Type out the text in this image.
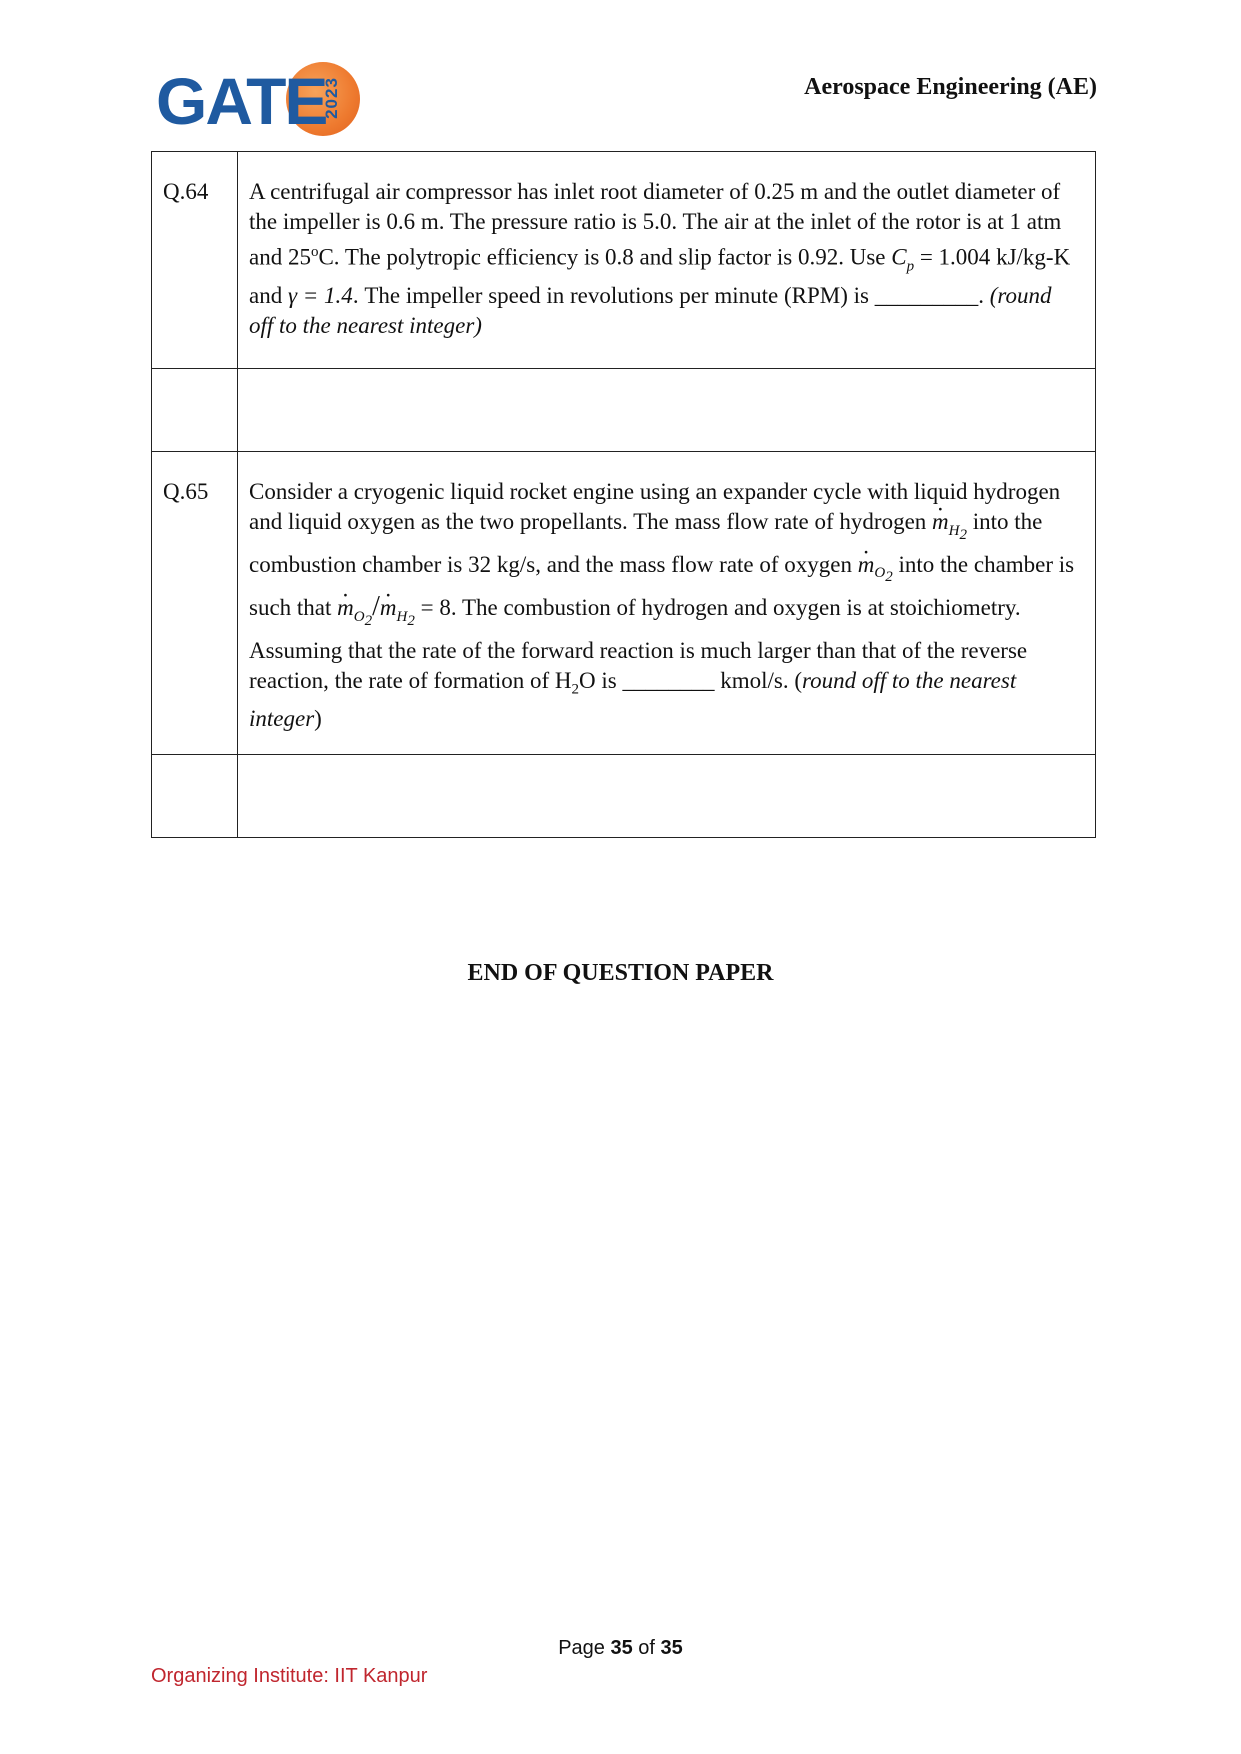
GATE
2023	Aerospace Engineering (AE)
Q.64	A centrifugal air compressor has inlet root diameter of 0.25 m and the outlet diameter of the impeller is 0.6 m. The pressure ratio is 5.0. The air at the inlet of the rotor is at 1 atm and 25$^o$C. The polytropic efficiency is 0.8 and slip factor is 0.92. Use $C_p = 1.004$ kJ/kg-K and γ = 1.4. The impeller speed in revolutions per minute (RPM) is _________. (round off to the nearest integer)

Q.65	Consider a cryogenic liquid rocket engine using an expander cycle with liquid hydrogen and liquid oxygen as the two propellants. The mass flow rate of hydrogen · $m_{H_2}$ into the combustion chamber is 32 kg/s, and the mass flow rate of oxygen · $m_{O_2}$ into the chamber is such that · $m_{O_2}/\cdot m_{H_2} = 8$. The combustion of hydrogen and oxygen is at stoichiometry. Assuming that the rate of the forward reaction is much larger than that of the reverse reaction, the rate of formation of $H_2O$ is ________ kmol/s. (round off to the nearest integer)

END OF QUESTION PAPER
Page 35 of 35
Organizing Institute: IIT Kanpur
